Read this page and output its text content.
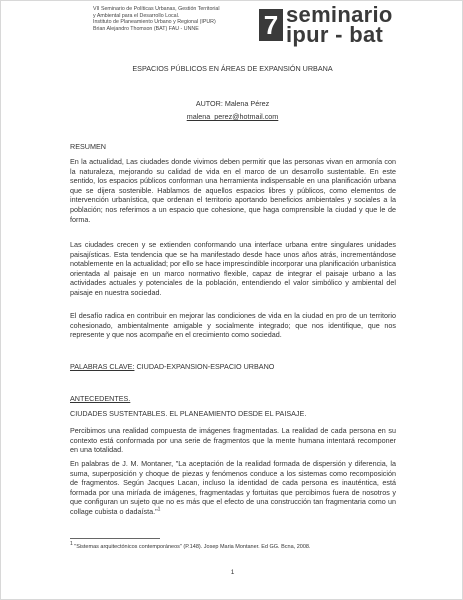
VII Seminario de Políticas Urbanas, Gestión Territorial
y Ambiental para el Desarrollo Local.
Instituto de Planeamiento Urbano y Regional (IPUR)
Brian Alejandro Thomson (BAT) FAU - UNNE	7 seminario
ipur - bat
ESPACIOS PÚBLICOS EN ÁREAS DE EXPANSIÓN URBANA
AUTOR: Malena Pérez
malena_perez@hotmail.com
RESUMEN

En la actualidad, Las ciudades donde vivimos deben permitir que las personas vivan en armonía con la naturaleza, mejorando su calidad de vida en el marco de un desarrollo sustentable. En este sentido, los espacios públicos conforman una herramienta indispensable en una planificación urbana que se dijera sostenible. Hablamos de aquellos espacios libres y públicos, como elementos de intervención urbanística, que ordenan el territorio aportando beneficios ambientales y sociales a la población; nos referimos a un espacio que cohesione, que haga comprensible la ciudad y que le de forma.

Las ciudades crecen y se extienden conformando una interface urbana entre singulares unidades paisajísticas. Esta tendencia que se ha manifestado desde hace unos años atrás, incrementándose notablemente en la actualidad; por ello se hace imprescindible incorporar una planificación urbanística orientada al paisaje en un marco normativo flexible, capaz de integrar el paisaje urbano a las actividades actuales y potenciales de la población, entendiendo el valor simbólico y ambiental del paisaje en nuestra sociedad.

El desafío radica en contribuir en mejorar las condiciones de vida en la ciudad en pro de un territorio cohesionado, ambientalmente amigable y socialmente integrado; que nos identifique, que nos represente y que nos acompañe en el crecimiento como sociedad.

PALABRAS CLAVE: CIUDAD-EXPANSION-ESPACIO URBANO
ANTECEDENTES.
CIUDADES SUSTENTABLES. EL PLANEAMIENTO DESDE EL PAISAJE.

Percibimos una realidad compuesta de imágenes fragmentadas. La realidad de cada persona en su contexto está conformada por una serie de fragmentos que la mente humana intentará recomponer en una totalidad.

En palabras de J. M. Montaner, "La aceptación de la realidad formada de dispersión y diferencia, la suma, superposición y choque de piezas y fenómenos conduce a los sistemas como recomposición de fragmentos. Según Jacques Lacan, incluso la identidad de cada persona es inauténtica, está formada por una miríada de imágenes, fragmentadas y fortuitas que percibimos fuera de nosotros y que configuran un sujeto que no es más que el efecto de una construcción tan fragmentaria como un collage cubista o dadaísta."$^1$

$^1$ "Sistemas arquitectónicos contemporáneos" (P.148). Josep Maria Montaner. Ed GG. Bcna, 2008.
1
